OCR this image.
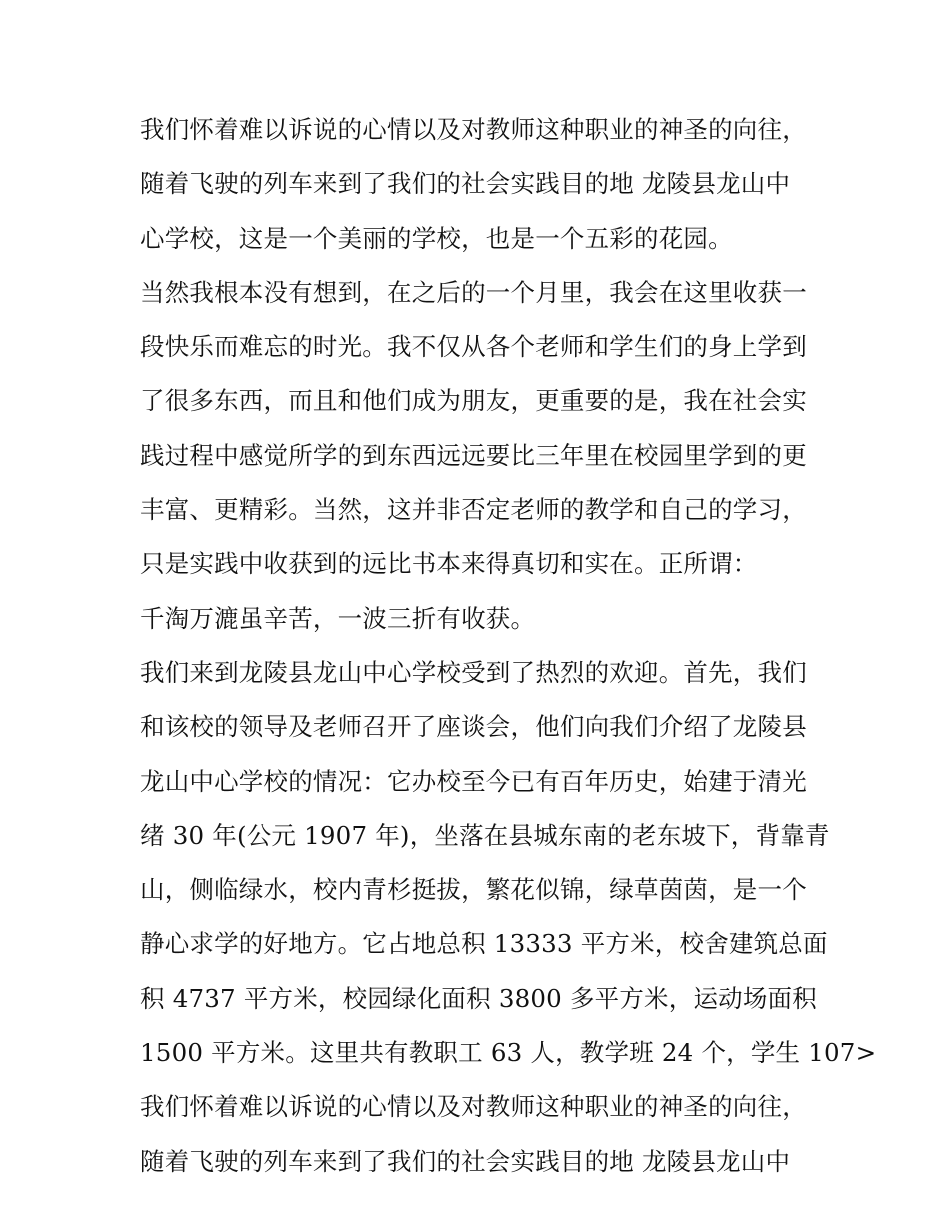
我们怀着难以诉说的心情以及对教师这种职业的神圣的向往，
随着飞驶的列车来到了我们的社会实践目的地 龙陵县龙山中
心学校，这是一个美丽的学校，也是一个五彩的花园。
当然我根本没有想到，在之后的一个月里，我会在这里收获一
段快乐而难忘的时光。我不仅从各个老师和学生们的身上学到
了很多东西，而且和他们成为朋友，更重要的是，我在社会实
践过程中感觉所学的到东西远远要比三年里在校园里学到的更
丰富、更精彩。当然，这并非否定老师的教学和自己的学习，
只是实践中收获到的远比书本来得真切和实在。正所谓：
千淘万漉虽辛苦，一波三折有收获。
我们来到龙陵县龙山中心学校受到了热烈的欢迎。首先，我们
和该校的领导及老师召开了座谈会，他们向我们介绍了龙陵县
龙山中心学校的情况：它办校至今已有百年历史，始建于清光
绪 30 年(公元 1907 年)，坐落在县城东南的老东坡下，背靠青
山，侧临绿水，校内青杉挺拔，繁花似锦，绿草茵茵，是一个
静心求学的好地方。它占地总积 13333 平方米，校舍建筑总面
积 4737 平方米，校园绿化面积 3800 多平方米，运动场面积
1500 平方米。这里共有教职工 63 人，教学班 24 个，学生 107>
我们怀着难以诉说的心情以及对教师这种职业的神圣的向往，
随着飞驶的列车来到了我们的社会实践目的地 龙陵县龙山中
